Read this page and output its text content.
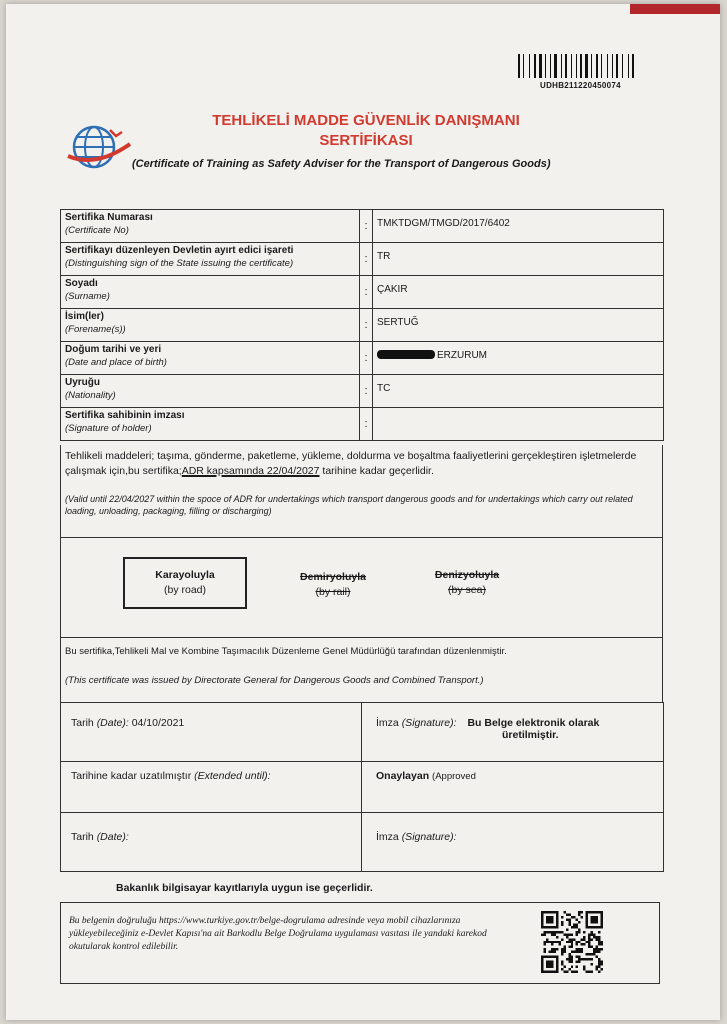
UDHB211220450074
TEHLİKELİ MADDE GÜVENLİK DANIŞMANI
SERTİFİKASI
(Certificate of Training as Safety Adviser for the Transport of Dangerous Goods)
Sertifika Numarası
(Certificate No)	:	TMKTDGM/TMGD/2017/6402

Sertifikayı düzenleyen Devletin ayırt edici işareti
(Distinguishing sign of the State issuing the certificate)	:	TR

Soyadı
(Surname)	:	ÇAKIR

İsim(ler)
(Forename(s))	:	SERTUĞ

Doğum tarihi ve yeri
(Date and place of birth)	:	ERZURUM

Uyruğu
(Nationality)	:	TC

Sertifika sahibinin imzası
(Signature of holder)	:	
Tehlikeli maddeleri; taşıma, gönderme, paketleme, yükleme, doldurma ve boşaltma faaliyetlerini gerçekleştiren işletmelerde çalışmak için,bu sertifika;ADR kapsamında 22/04/2027 tarihine kadar geçerlidir.
(Valid until 22/04/2027 within the spoce of ADR for undertakings which transport dangerous goods and for undertakings which carry out related loading, unloading, packaging, filling or discharging)
Karayoluyla
(by road)
Demiryoluyla
(by rail)
Denizyoluyla
(by sea)
Bu sertifika,Tehlikeli Mal ve Kombine Taşımacılık Düzenleme Genel Müdürlüğü tarafından düzenlenmiştir.
(This certificate was issued by Directorate General for Dangerous Goods and Combined Transport.)
Tarih (Date): 04/10/2021	İmza (Signature): Bu Belge elektronik olarak
üretilmiştir.
Tarihine kadar uzatılmıştır (Extended until):	Onaylayan (Approved
Tarih (Date):	İmza (Signature):
Bakanlık bilgisayar kayıtlarıyla uygun ise geçerlidir.
Bu belgenin doğruluğu https://www.turkiye.gov.tr/belge-dogrulama adresinde veya mobil cihazlarınıza yükleyebileceğiniz e-Devlet Kapısı'na ait Barkodlu Belge Doğrulama uygulaması vasıtası ile yandaki karekod okutularak kontrol edilebilir.
